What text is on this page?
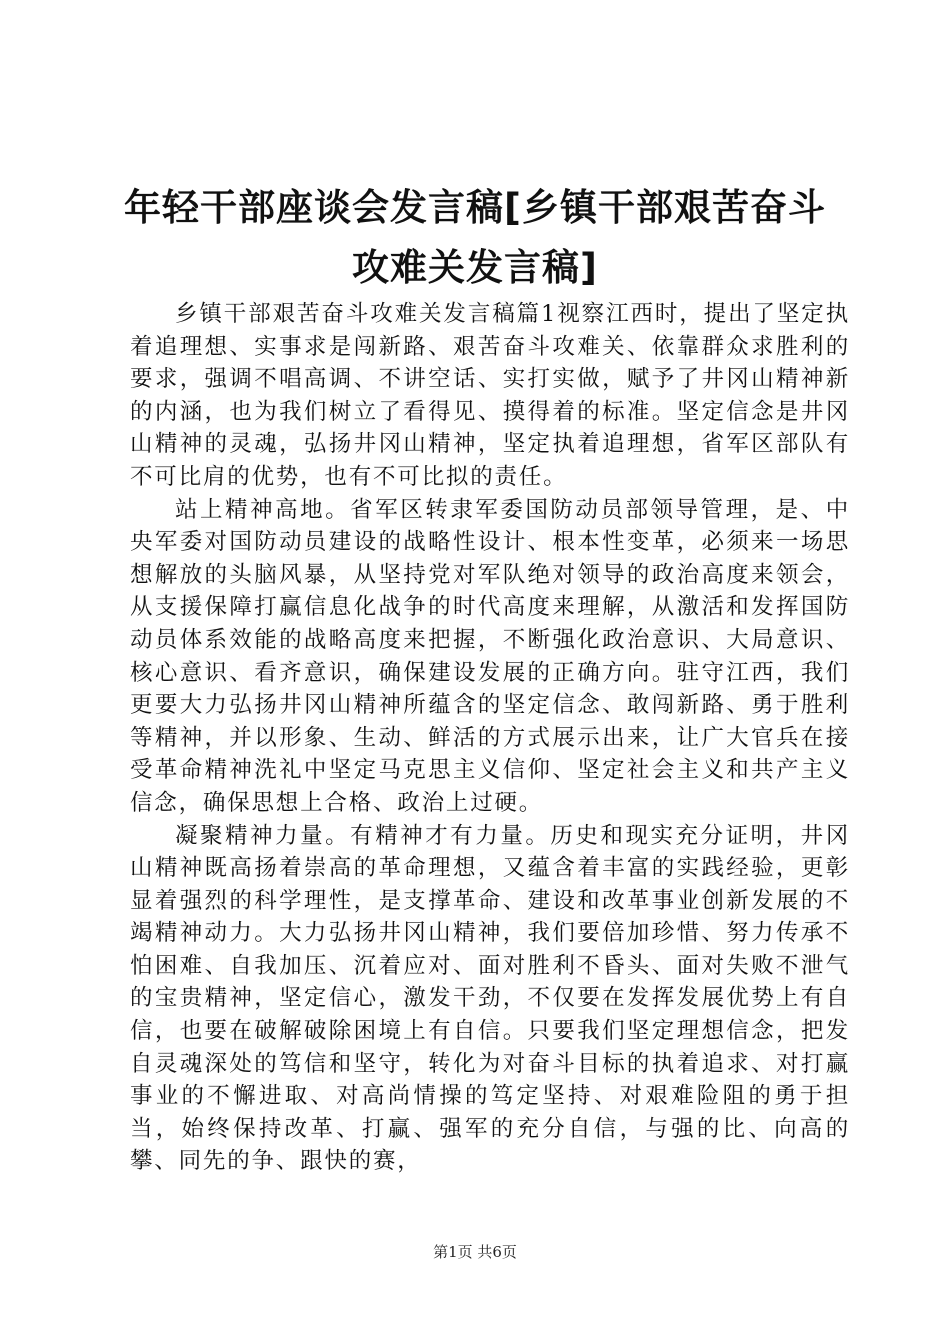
年轻干部座谈会发言稿[乡镇干部艰苦奋斗攻难关发言稿]

乡镇干部艰苦奋斗攻难关发言稿篇1视察江西时，提出了坚定执着追理想、实事求是闯新路、艰苦奋斗攻难关、依靠群众求胜利的要求，强调不唱高调、不讲空话、实打实做，赋予了井冈山精神新的内涵，也为我们树立了看得见、摸得着的标准。坚定信念是井冈山精神的灵魂，弘扬井冈山精神，坚定执着追理想，省军区部队有不可比肩的优势，也有不可比拟的责任。

站上精神高地。省军区转隶军委国防动员部领导管理，是、中央军委对国防动员建设的战略性设计、根本性变革，必须来一场思想解放的头脑风暴，从坚持党对军队绝对领导的政治高度来领会，从支援保障打赢信息化战争的时代高度来理解，从激活和发挥国防动员体系效能的战略高度来把握，不断强化政治意识、大局意识、核心意识、看齐意识，确保建设发展的正确方向。驻守江西，我们更要大力弘扬井冈山精神所蕴含的坚定信念、敢闯新路、勇于胜利等精神，并以形象、生动、鲜活的方式展示出来，让广大官兵在接受革命精神洗礼中坚定马克思主义信仰、坚定社会主义和共产主义信念，确保思想上合格、政治上过硬。

凝聚精神力量。有精神才有力量。历史和现实充分证明，井冈山精神既高扬着崇高的革命理想，又蕴含着丰富的实践经验，更彰显着强烈的科学理性，是支撑革命、建设和改革事业创新发展的不竭精神动力。大力弘扬井冈山精神，我们要倍加珍惜、努力传承不怕困难、自我加压、沉着应对、面对胜利不昏头、面对失败不泄气的宝贵精神，坚定信心，激发干劲，不仅要在发挥发展优势上有自信，也要在破解破除困境上有自信。只要我们坚定理想信念，把发自灵魂深处的笃信和坚守，转化为对奋斗目标的执着追求、对打赢事业的不懈进取、对高尚情操的笃定坚持、对艰难险阻的勇于担当，始终保持改革、打赢、强军的充分自信，与强的比、向高的攀、同先的争、跟快的赛，

第1页 共6页
